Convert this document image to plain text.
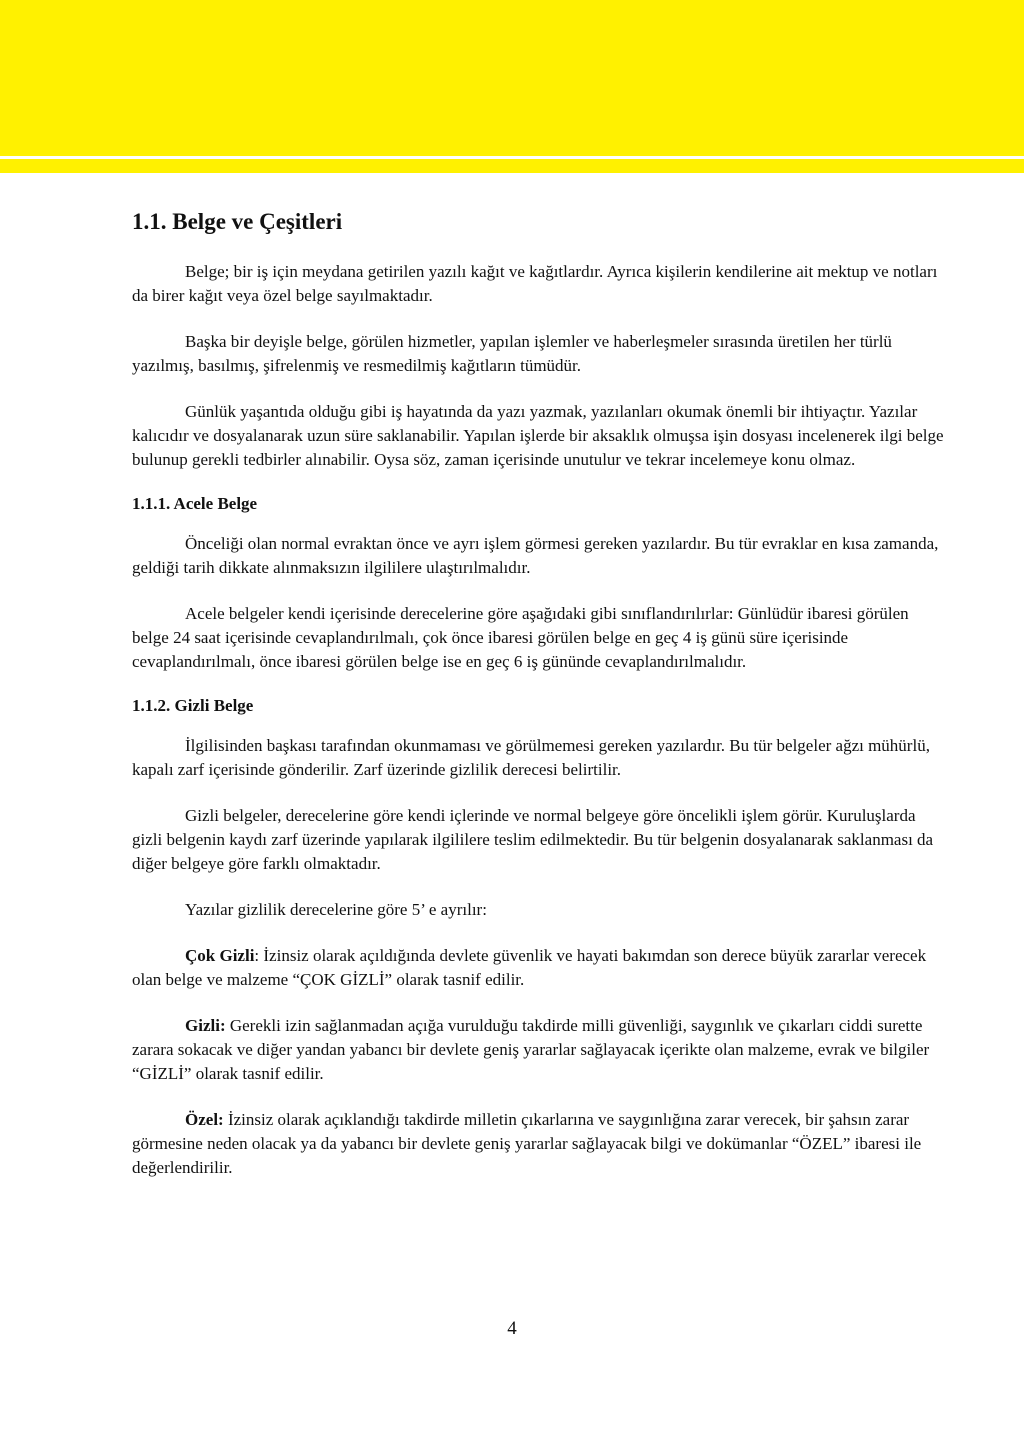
1.1. Belge ve Çeşitleri

Belge; bir iş için meydana getirilen yazılı kağıt ve kağıtlardır. Ayrıca kişilerin kendilerine ait mektup ve notları da birer kağıt veya özel belge sayılmaktadır.

Başka bir deyişle belge, görülen hizmetler, yapılan işlemler ve haberleşmeler sırasında üretilen her türlü yazılmış, basılmış, şifrelenmiş ve resmedilmiş kağıtların tümüdür.

Günlük yaşantıda olduğu gibi iş hayatında da yazı yazmak, yazılanları okumak önemli bir ihtiyaçtır. Yazılar kalıcıdır ve dosyalanarak uzun süre saklanabilir. Yapılan işlerde bir aksaklık olmuşsa işin dosyası incelenerek ilgi belge bulunup gerekli tedbirler alınabilir. Oysa söz, zaman içerisinde unutulur ve tekrar incelemeye konu olmaz.

1.1.1. Acele Belge

Önceliği olan normal evraktan önce ve ayrı işlem görmesi gereken yazılardır. Bu tür evraklar en kısa zamanda, geldiği tarih dikkate alınmaksızın ilgililere ulaştırılmalıdır.

Acele belgeler kendi içerisinde derecelerine göre aşağıdaki gibi sınıflandırılırlar: Günlüdür ibaresi görülen belge 24 saat içerisinde cevaplandırılmalı, çok önce ibaresi görülen belge en geç 4 iş günü süre içerisinde cevaplandırılmalı, önce ibaresi görülen belge ise en geç 6 iş gününde cevaplandırılmalıdır.

1.1.2. Gizli Belge

İlgilisinden başkası tarafından okunmaması ve görülmemesi gereken yazılardır. Bu tür belgeler ağzı mühürlü, kapalı zarf içerisinde gönderilir. Zarf üzerinde gizlilik derecesi belirtilir.

Gizli belgeler, derecelerine göre kendi içlerinde ve normal belgeye göre öncelikli işlem görür. Kuruluşlarda gizli belgenin kaydı zarf üzerinde yapılarak ilgililere teslim edilmektedir. Bu tür belgenin dosyalanarak saklanması da diğer belgeye göre farklı olmaktadır.

Yazılar gizlilik derecelerine göre 5’ e ayrılır:

Çok Gizli: İzinsiz olarak açıldığında devlete güvenlik ve hayati bakımdan son derece büyük zararlar verecek olan belge ve malzeme “ÇOK GİZLİ” olarak tasnif edilir.

Gizli: Gerekli izin sağlanmadan açığa vurulduğu takdirde milli güvenliği, saygınlık ve çıkarları ciddi surette zarara sokacak ve diğer yandan yabancı bir devlete geniş yararlar sağlayacak içerikte olan malzeme, evrak ve bilgiler “GİZLİ” olarak tasnif edilir.

Özel: İzinsiz olarak açıklandığı takdirde milletin çıkarlarına ve saygınlığına zarar verecek, bir şahsın zarar görmesine neden olacak ya da yabancı bir devlete geniş yararlar sağlayacak bilgi ve dokümanlar “ÖZEL” ibaresi ile değerlendirilir.

4
